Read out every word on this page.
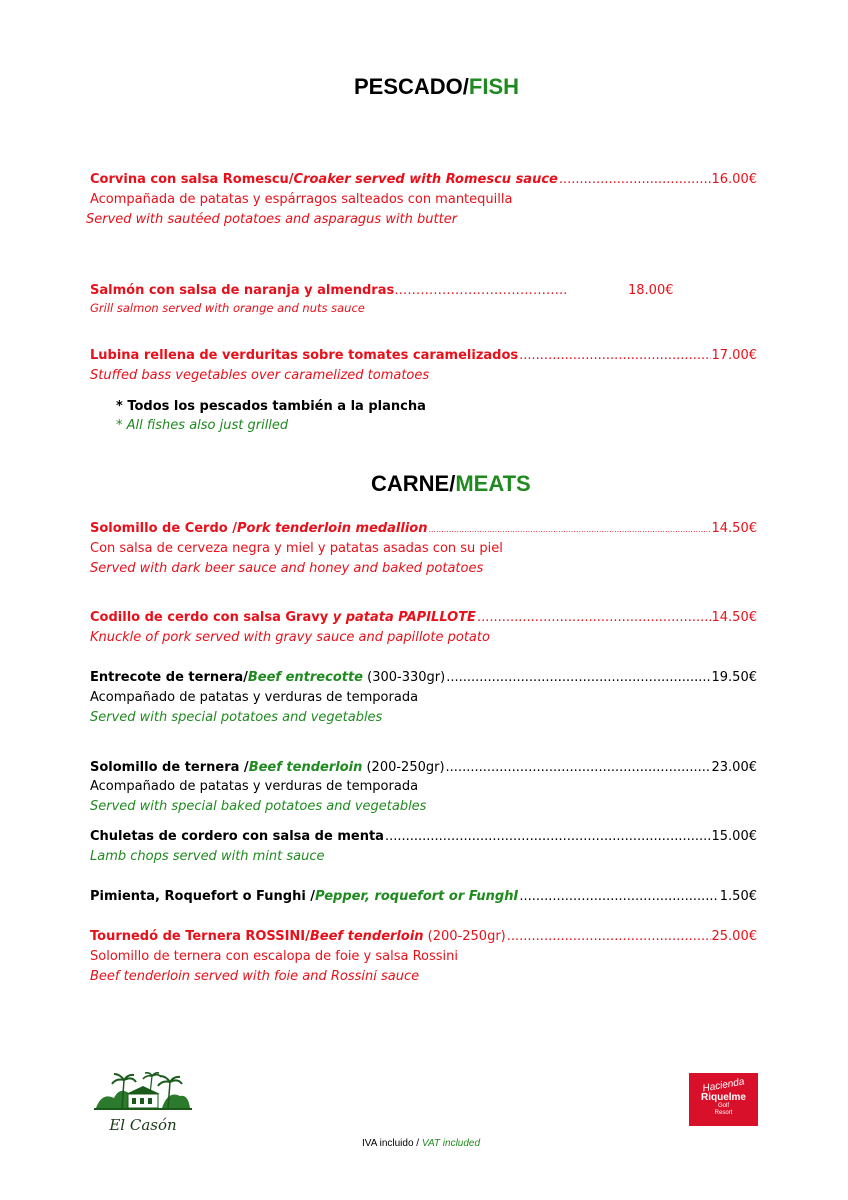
PESCADO/FISH
Corvina con salsa Romescu/ Croaker served with Romescu sauce .....	16.00€
Acompañada de patatas y espárragos salteados con mantequilla
Served with sautéed potatoes and asparagus with butter
Salmón con salsa de naranja y almendras………………………………….	18.00€
Grill salmon served with orange and nuts sauce
Lubina rellena de verduritas sobre tomates caramelizados .....	17.00€
Stuffed bass vegetables over caramelized tomatoes
* Todos los pescados también a la plancha
* All fishes also just grilled
CARNE/MEATS
Solomillo de Cerdo / Pork tenderloin medallion .....	14.50€
Con salsa de cerveza negra y miel y patatas asadas con su piel
Served with dark beer sauce and honey and baked potatoes
Codillo de cerdo con salsa Gravy y patata PAPILLOTE .....	14.50€
Knuckle of pork served with gravy sauce and papillote potato
Entrecote de ternera/ Beef entrecotte (300-330gr) .....	19.50€
Acompañado de patatas y verduras de temporada
Served with special potatoes and vegetables
Solomillo de ternera / Beef tenderloin (200-250gr) .....	23.00€
Acompañado de patatas y verduras de temporada
Served with special baked potatoes and vegetables
Chuletas de cordero con salsa de menta .....	15.00€
Lamb chops served with mint sauce
Pimienta, Roquefort o Funghi / Pepper, roquefort or FunghI .....	1.50€
Tournedó de Ternera ROSSINI/ Beef tenderloin (200-250gr) .....	25.00€
Solomillo de ternera con escalopa de foie y salsa Rossini
Beef tenderloin served with foie and Rossini sauce
El Casón
Hacienda
Riquelme
Golf
Resort
IVA incluido / VAT included
